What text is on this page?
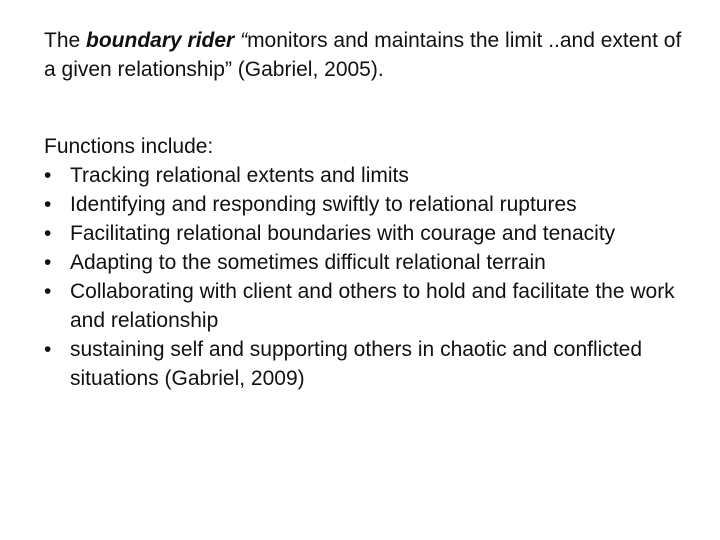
The boundary rider “monitors and maintains the limit ..and extent of a given relationship” (Gabriel, 2005).

Functions include:
• Tracking relational extents and limits
• Identifying and responding swiftly to relational ruptures
• Facilitating relational boundaries with courage and tenacity
• Adapting to the sometimes difficult relational terrain
• Collaborating with client and others to hold and facilitate the work and relationship
• sustaining self and supporting others in chaotic and conflicted situations (Gabriel, 2009)
